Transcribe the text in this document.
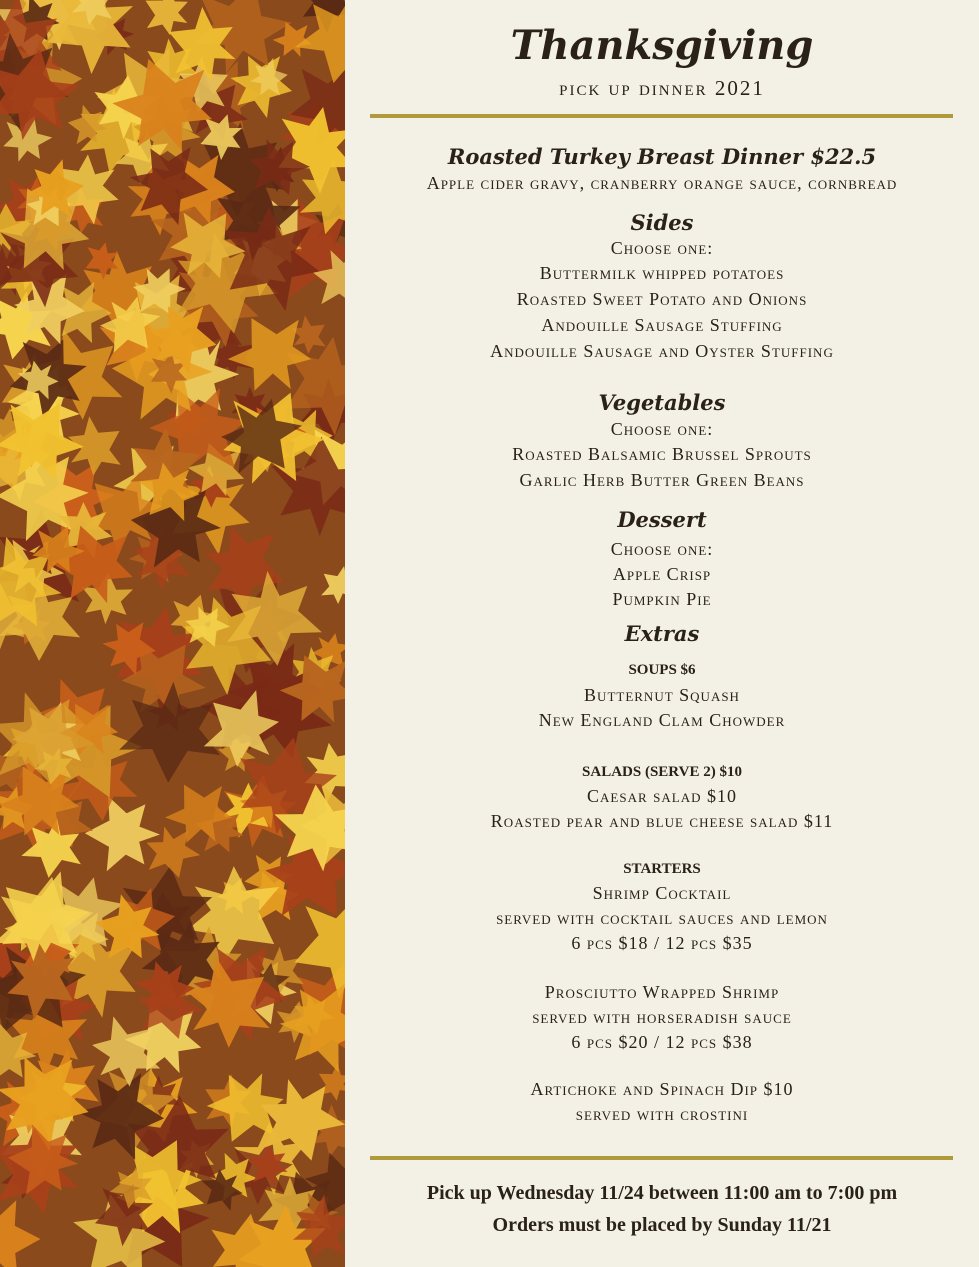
Thanksgiving
pick up dinner 2021
Roasted Turkey Breast Dinner $22.5
Apple cider gravy, cranberry orange sauce, cornbread
Sides
Choose one:
Buttermilk whipped potatoes
Roasted Sweet Potato and Onions
Andouille Sausage Stuffing
Andouille Sausage and Oyster Stuffing
Vegetables
Choose one:
Roasted Balsamic Brussel Sprouts
Garlic Herb Butter Green Beans
Dessert
Choose one:
Apple Crisp
Pumpkin Pie
Extras
SOUPS $6
Butternut Squash
New England Clam Chowder
SALADS (SERVE 2) $10
Caesar salad $10
Roasted pear and blue cheese salad $11
STARTERS
Shrimp Cocktail
served with cocktail sauces and lemon
6 pcs $18 / 12 pcs $35
Prosciutto Wrapped Shrimp
served with horseradish sauce
6 pcs $20 / 12 pcs $38
Artichoke and Spinach Dip $10
served with crostini
Pick up Wednesday 11/24 between 11:00 am to 7:00 pm
Orders must be placed by Sunday 11/21
